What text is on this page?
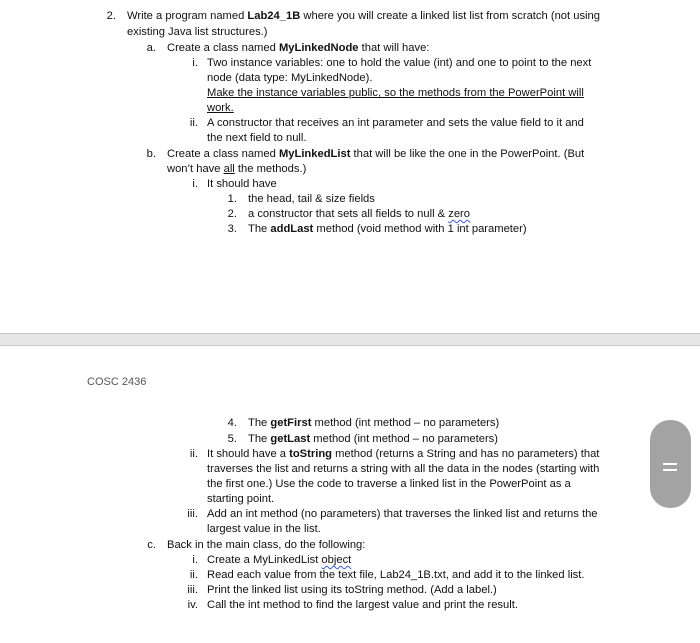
2. Write a program named Lab24_1B where you will create a linked list list from scratch (not using
existing Java list structures.)
a. Create a class named MyLinkedNode that will have:
i. Two instance variables: one to hold the value (int) and one to point to the next
node (data type: MyLinkedNode).
Make the instance variables public, so the methods from the PowerPoint will
work.
ii. A constructor that receives an int parameter and sets the value field to it and
the next field to null.
b. Create a class named MyLinkedList that will be like the one in the PowerPoint. (But
won’t have all the methods.)
i. It should have
1. the head, tail & size fields
2. a constructor that sets all fields to null & zero
3. The addLast method (void method with 1 int parameter)
COSC 2436
4. The getFirst method (int method – no parameters)
5. The getLast method (int method – no parameters)
ii. It should have a toString method (returns a String and has no parameters) that
traverses the list and returns a string with all the data in the nodes (starting with
the first one.) Use the code to traverse a linked list in the PowerPoint as a
starting point.
iii. Add an int method (no parameters) that traverses the linked list and returns the
largest value in the list.
c. Back in the main class, do the following:
i. Create a MyLinkedList object
ii. Read each value from the text file, Lab24_1B.txt, and add it to the linked list.
iii. Print the linked list using its toString method. (Add a label.)
iv. Call the int method to find the largest value and print the result.
